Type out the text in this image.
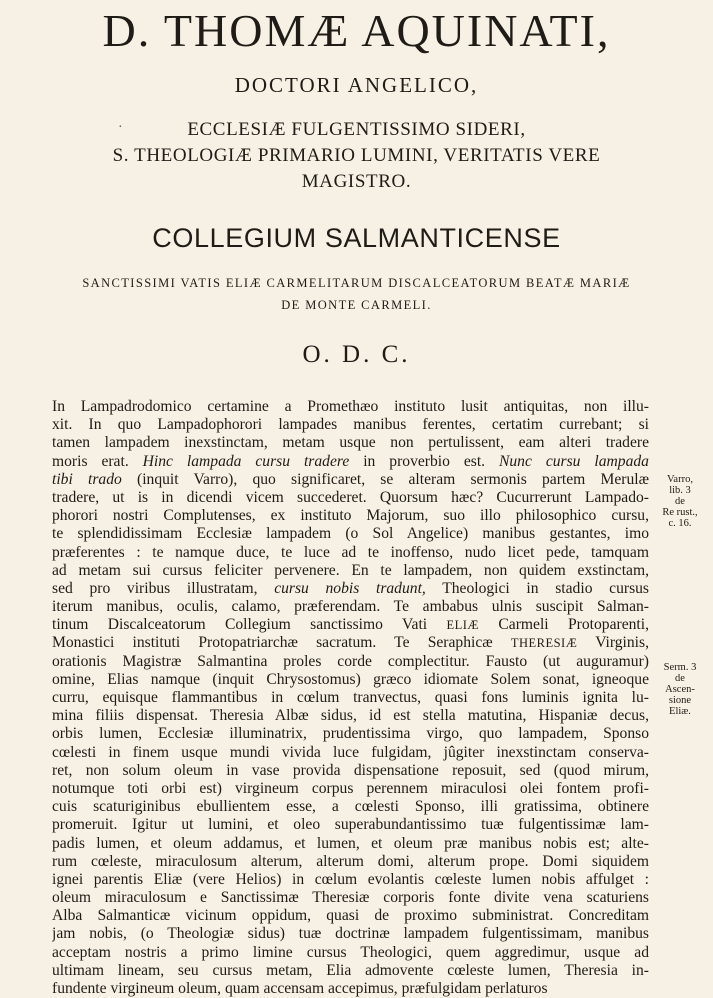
D. THOMÆ AQUINATI,
DOCTORI ANGELICO,
ECCLESIÆ FULGENTISSIMO SIDERI,
S. THEOLOGIÆ PRIMARIO LUMINI, VERITATIS VERE
MAGISTRO.
COLLEGIUM SALMANTICENSE
SANCTISSIMI VATIS ELIÆ CARMELITARUM DISCALCEATORUM BEATÆ MARIÆ
DE MONTE CARMELI.
·
O. D. C.
In Lampadrodomico certamine a Promethæo instituto lusit antiquitas, non illu-
xit. In quo Lampadophorori lampades manibus ferentes, certatim currebant; si
tamen lampadem inexstinctam, metam usque non pertulissent, eam alteri tradere
moris erat. Hinc lampada cursu tradere in proverbio est. Nunc cursu lampada
tibi trado (inquit Varro), quo significaret, se alteram sermonis partem Merulæ
tradere, ut is in dicendi vicem succederet. Quorsum hæc? Cucurrerunt Lampado-
phorori nostri Complutenses, ex instituto Majorum, suo illo philosophico cursu,
te splendidissimam Ecclesiæ lampadem (o Sol Angelice) manibus gestantes, imo
præferentes : te namque duce, te luce ad te inoffenso, nudo licet pede, tamquam
ad metam sui cursus feliciter pervenere. En te lampadem, non quidem exstinctam,
sed pro viribus illustratam, cursu nobis tradunt, Theologici in stadio cursus
iterum manibus, oculis, calamo, præferendam. Te ambabus ulnis suscipit Salman-
tinum Discalceatorum Collegium sanctissimo Vati ELIÆ Carmeli Protoparenti,
Monastici instituti Protopatriarchæ sacratum. Te Seraphicæ THERESIÆ Virginis,
orationis Magistræ Salmantina proles corde complectitur. Fausto (ut auguramur)
omine, Elias namque (inquit Chrysostomus) græco idiomate Solem sonat, igneoque
curru, equisque flammantibus in cœlum tranvectus, quasi fons luminis ignita lu-
mina filiis dispensat. Theresia Albæ sidus, id est stella matutina, Hispaniæ decus,
orbis lumen, Ecclesiæ illuminatrix, prudentissima virgo, quo lampadem, Sponso
cœlesti in finem usque mundi vivida luce fulgidam, jûgiter inexstinctam conserva-
ret, non solum oleum in vase provida dispensatione reposuit, sed (quod mirum,
notumque toti orbi est) virgineum corpus perennem miraculosi olei fontem profi-
cuis scaturiginibus ebullientem esse, a cœlesti Sponso, illi gratissima, obtinere
promeruit. Igitur ut lumini, et oleo superabundantissimo tuæ fulgentissimæ lam-
padis lumen, et oleum addamus, et lumen, et oleum præ manibus nobis est; alte-
rum cœleste, miraculosum alterum, alterum domi, alterum prope. Domi siquidem
ignei parentis Eliæ (vere Helios) in cœlum evolantis cœleste lumen nobis affulget :
oleum miraculosum e Sanctissimæ Theresiæ corporis fonte divite vena scaturiens
Alba Salmanticæ vicinum oppidum, quasi de proximo subministrat. Concreditam
jam nobis, (o Theologiæ sidus) tuæ doctrinæ lampadem fulgentissimam, manibus
acceptam nostris a primo limine cursus Theologici, quem aggredimur, usque ad
ultimam lineam, seu cursus metam, Elia admovente cœleste lumen, Theresia in-
fundente virgineum oleum, quam accensam accepimus, præfulgidam perlaturos
Varro,
lib. 3
de
Re rust.,
c. 16.
Serm. 3
de
Ascen-
sione
Eliæ.
